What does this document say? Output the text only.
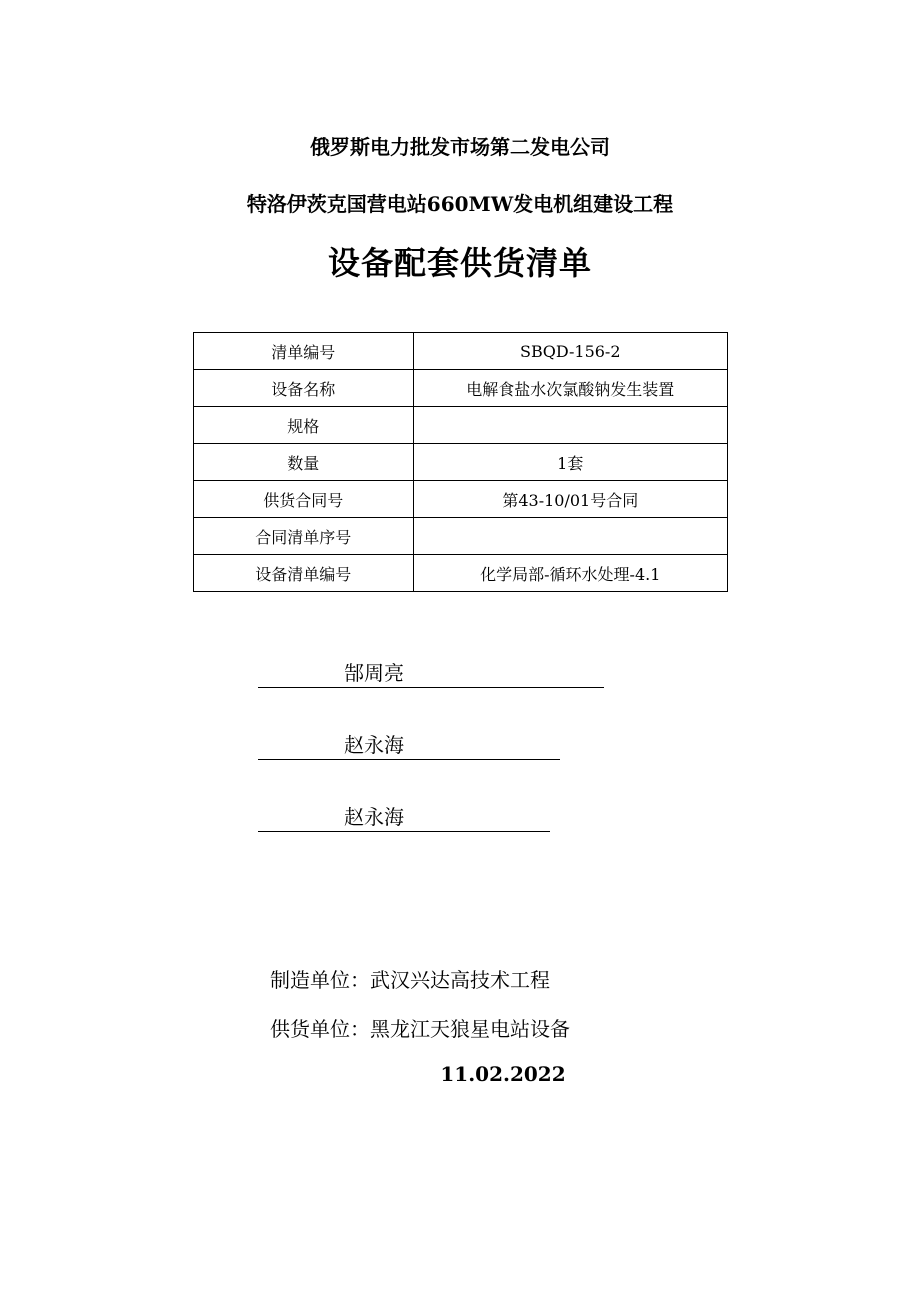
俄罗斯电力批发市场第二发电公司
特洛伊茨克国营电站660MW发电机组建设工程
设备配套供货清单
清单编号	SBQD-156-2
设备名称	电解食盐水次氯酸钠发生装置
规格	
数量	1套
供货合同号	第43-10/01号合同
合同清单序号	
设备清单编号	化学局部-循环水处理-4.1
郜周亮
赵永海
赵永海
制造单位：武汉兴达高技术工程
供货单位：黑龙江天狼星电站设备
11.02.2022
